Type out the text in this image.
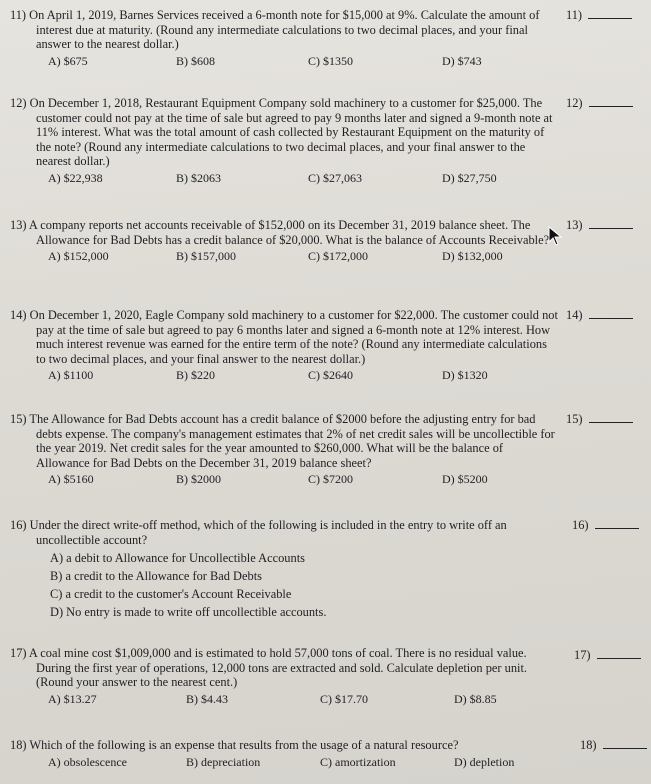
11) On April 1, 2019, Barnes Services received a 6-month note for $15,000 at 9%. Calculate the amount of interest due at maturity. (Round any intermediate calculations to two decimal places, and your final answer to the nearest dollar.)
A) $675	B) $608	C) $1350	D) $743
11)
12) On December 1, 2018, Restaurant Equipment Company sold machinery to a customer for $25,000. The customer could not pay at the time of sale but agreed to pay 9 months later and signed a 9-month note at 11% interest. What was the total amount of cash collected by Restaurant Equipment on the maturity of the note? (Round any intermediate calculations to two decimal places, and your final answer to the nearest dollar.)
A) $22,938	B) $2063	C) $27,063	D) $27,750
12)
13) A company reports net accounts receivable of $152,000 on its December 31, 2019 balance sheet. The Allowance for Bad Debts has a credit balance of $20,000. What is the balance of Accounts Receivable?
A) $152,000	B) $157,000	C) $172,000	D) $132,000
13)
14) On December 1, 2020, Eagle Company sold machinery to a customer for $22,000. The customer could not pay at the time of sale but agreed to pay 6 months later and signed a 6-month note at 12% interest. How much interest revenue was earned for the entire term of the note? (Round any intermediate calculations to two decimal places, and your final answer to the nearest dollar.)
A) $1100	B) $220	C) $2640	D) $1320
14)
15) The Allowance for Bad Debts account has a credit balance of $2000 before the adjusting entry for bad debts expense. The company's management estimates that 2% of net credit sales will be uncollectible for the year 2019. Net credit sales for the year amounted to $260,000. What will be the balance of Allowance for Bad Debts on the December 31, 2019 balance sheet?
A) $5160	B) $2000	C) $7200	D) $5200
15)
16) Under the direct write-off method, which of the following is included in the entry to write off an uncollectible account?
A) a debit to Allowance for Uncollectible Accounts
B) a credit to the Allowance for Bad Debts
C) a credit to the customer's Account Receivable
D) No entry is made to write off uncollectible accounts.
16)
17) A coal mine cost $1,009,000 and is estimated to hold 57,000 tons of coal. There is no residual value. During the first year of operations, 12,000 tons are extracted and sold. Calculate depletion per unit. (Round your answer to the nearest cent.)
A) $13.27	B) $4.43	C) $17.70	D) $8.85
17)
18) Which of the following is an expense that results from the usage of a natural resource?
A) obsolescence	B) depreciation	C) amortization	D) depletion
18)
